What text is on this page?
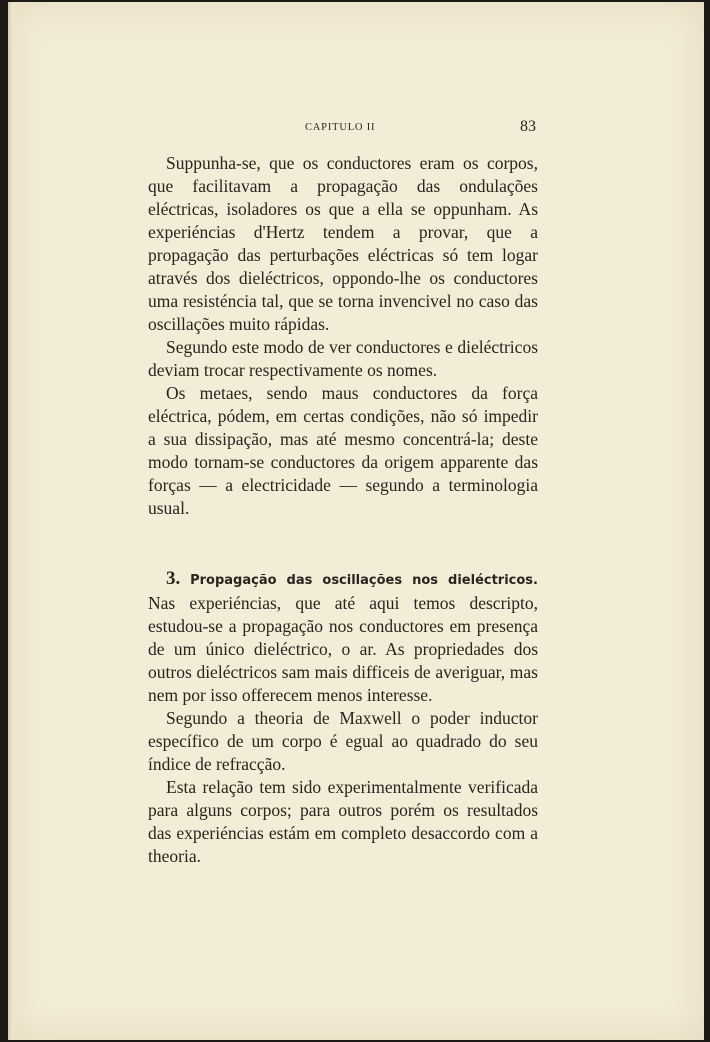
CAPITULO II	83

Suppunha-se, que os conductores eram os corpos, que facilitavam a propagação das ondulações eléctricas, isoladores os que a ella se oppunham. As experiéncias d'Hertz tendem a provar, que a propagação das perturbações eléctricas só tem logar através dos dieléctricos, oppondo-lhe os conductores uma resisténcia tal, que se torna invencivel no caso das oscillações muito rápidas.

Segundo este modo de ver conductores e dieléctricos deviam trocar respectivamente os nomes.

Os metaes, sendo maus conductores da força eléctrica, pódem, em certas condições, não só impedir a sua dissipação, mas até mesmo concentrá-la; deste modo tornam-se conductores da origem apparente das forças — a electricidade — segundo a terminologia usual.

3. Propagação das oscillações nos dieléctricos. Nas experiéncias, que até aqui temos descripto, estudou-se a propagação nos conductores em presença de um único dieléctrico, o ar. As propriedades dos outros dieléctricos sam mais difficeis de averiguar, mas nem por isso offerecem menos interesse.

Segundo a theoria de Maxwell o poder inductor específico de um corpo é egual ao quadrado do seu índice de refracção.

Esta relação tem sido experimentalmente verificada para alguns corpos; para outros porém os resultados das experiéncias estám em completo desaccordo com a theoria.
